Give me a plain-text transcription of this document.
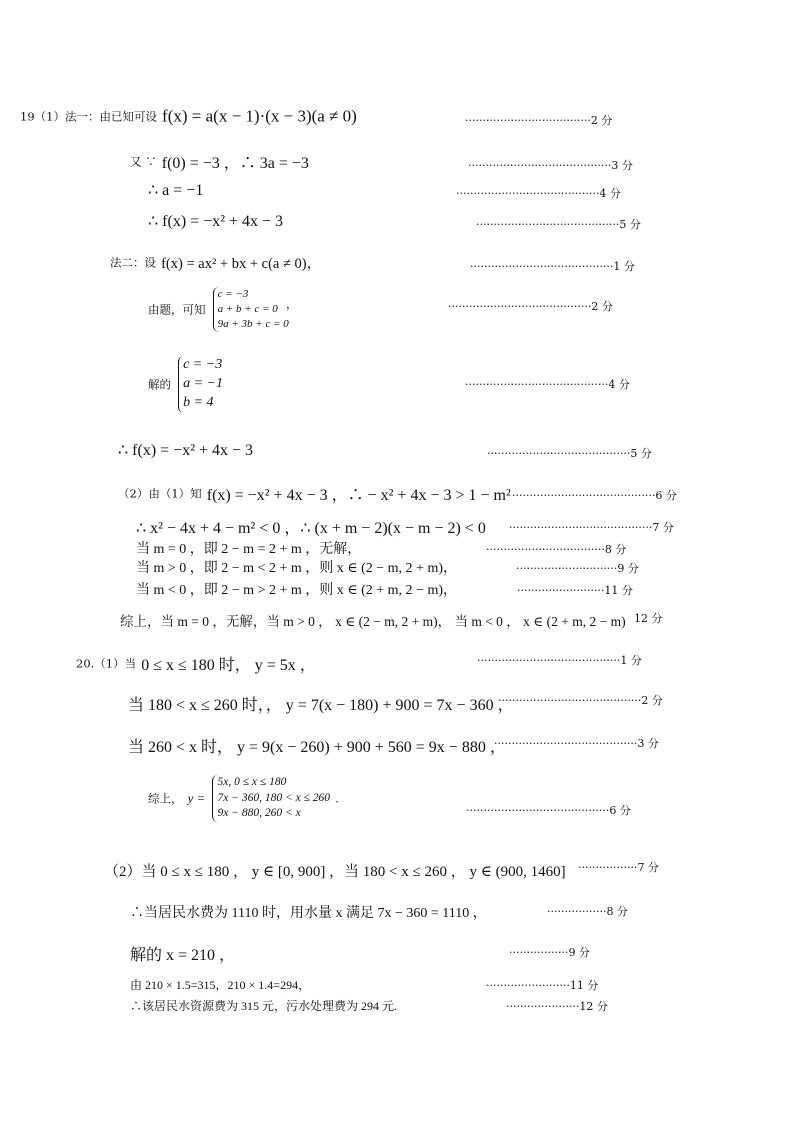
19（1）法一：由已知可设 f(x) = a(x − 1)·(x − 3)(a ≠ 0)	····································2 分
又 ∵ f(0) = −3 ，∴ 3a = −3	·········································3 分
∴ a = −1	·········································4 分
∴ f(x) = −x² + 4x − 3	·········································5 分
法二：设 f(x) = ax² + bx + c(a ≠ 0)，	·········································1 分
由题，可知
c = −3
a + b + c = 0
9a + 3b + c = 0
，	·········································2 分
解的
c = −3
a = −1
b = 4
·········································4 分
∴ f(x) = −x² + 4x − 3	·········································5 分
（2）由（1）知 f(x) = −x² + 4x − 3 ，∴ − x² + 4x − 3 > 1 − m² ·········································6 分
∴ x² − 4x + 4 − m² < 0 ，∴ (x + m − 2)(x − m − 2) < 0 ·········································7 分
当 m = 0 ，即 2 − m = 2 + m ，无解，	··································8 分
当 m > 0 ，即 2 − m < 2 + m ，则 x ∈ (2 − m, 2 + m)，	·····························9 分
当 m < 0 ，即 2 − m > 2 + m ，则 x ∈ (2 + m, 2 − m)，	·························11 分
综上，当 m = 0 ，无解，当 m > 0 ， x ∈ (2 − m, 2 + m)， 当 m < 0 ， x ∈ (2 + m, 2 − m) 12 分
20.（1）当 0 ≤ x ≤ 180 时， y = 5x ，	·········································1 分
当 180 < x ≤ 260 时，， y = 7(x − 180) + 900 = 7x − 360 ，
·········································2 分
当 260 < x 时， y = 9(x − 260) + 900 + 560 = 9x − 880 ，
·········································3 分
综上， y =
5x, 0 ≤ x ≤ 180
7x − 360, 180 < x ≤ 260
9x − 880, 260 < x
.
·········································6 分
（2）当 0 ≤ x ≤ 180 ， y ∈ [0, 900] ，当 180 < x ≤ 260 ， y ∈ (900, 1460] ·················7 分
∴当居民水费为 1110 时，用水量 x 满足 7x − 360 = 1110 ，	·················8 分
解的 x = 210 ，	·················9 分
由 210 × 1.5=315，210 × 1.4=294，	························11 分
∴该居民水资源费为 315 元，污水处理费为 294 元.	·····················12 分
